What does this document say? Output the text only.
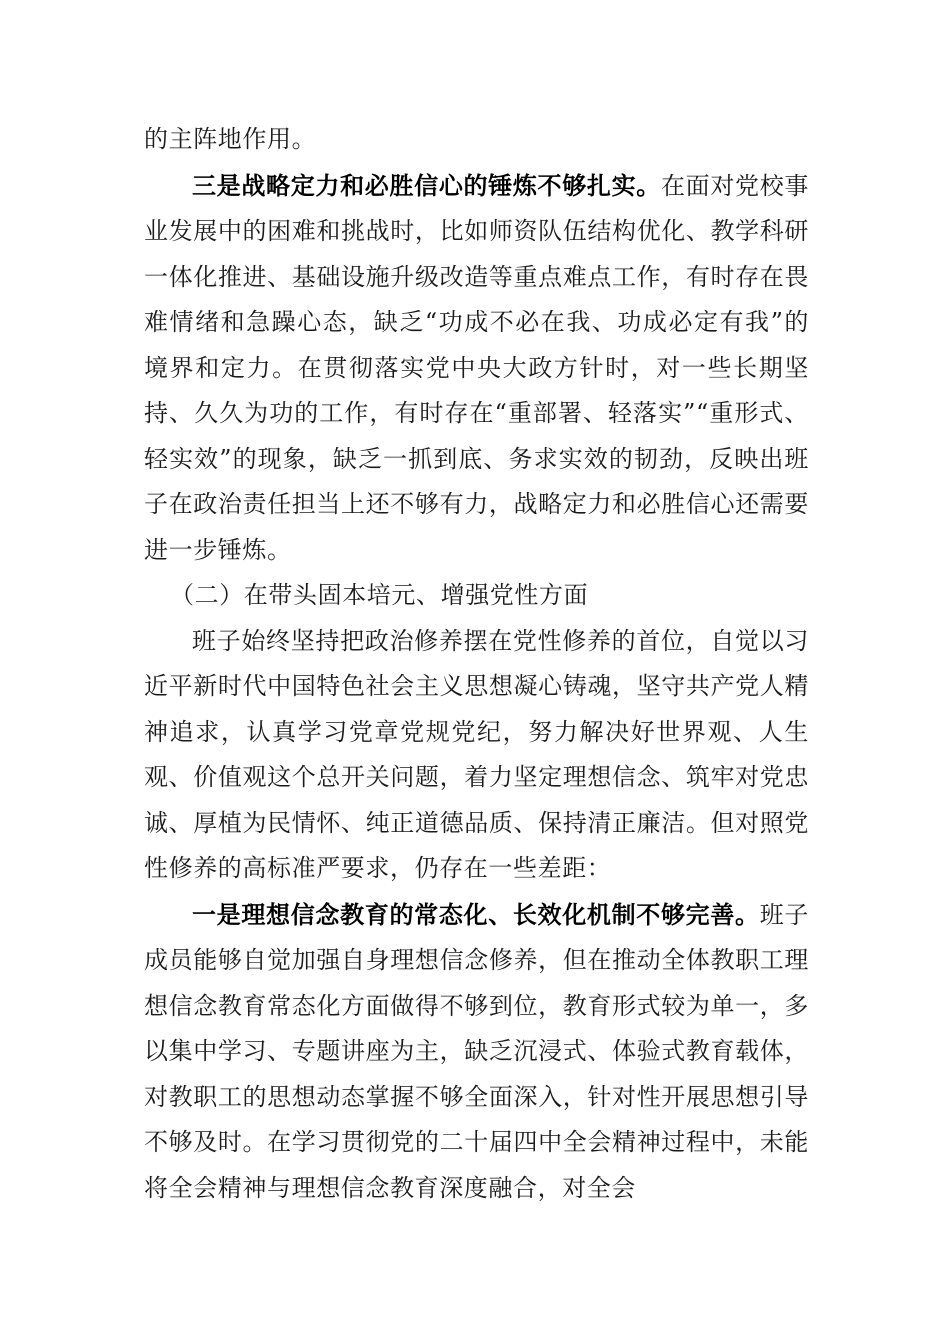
的主阵地作用。

三是战略定力和必胜信心的锤炼不够扎实。在面对党校事业发展中的困难和挑战时，比如师资队伍结构优化、教学科研一体化推进、基础设施升级改造等重点难点工作，有时存在畏难情绪和急躁心态，缺乏“功成不必在我、功成必定有我”的境界和定力。在贯彻落实党中央大政方针时，对一些长期坚持、久久为功的工作，有时存在“重部署、轻落实”“重形式、轻实效”的现象，缺乏一抓到底、务求实效的韧劲，反映出班子在政治责任担当上还不够有力，战略定力和必胜信心还需要进一步锤炼。

（二）在带头固本培元、增强党性方面

班子始终坚持把政治修养摆在党性修养的首位，自觉以习近平新时代中国特色社会主义思想凝心铸魂，坚守共产党人精神追求，认真学习党章党规党纪，努力解决好世界观、人生观、价值观这个总开关问题，着力坚定理想信念、筑牢对党忠诚、厚植为民情怀、纯正道德品质、保持清正廉洁。但对照党性修养的高标准严要求，仍存在一些差距：

一是理想信念教育的常态化、长效化机制不够完善。班子成员能够自觉加强自身理想信念修养，但在推动全体教职工理想信念教育常态化方面做得不够到位，教育形式较为单一，多以集中学习、专题讲座为主，缺乏沉浸式、体验式教育载体，对教职工的思想动态掌握不够全面深入，针对性开展思想引导不够及时。在学习贯彻党的二十届四中全会精神过程中，未能将全会精神与理想信念教育深度融合，对全会
